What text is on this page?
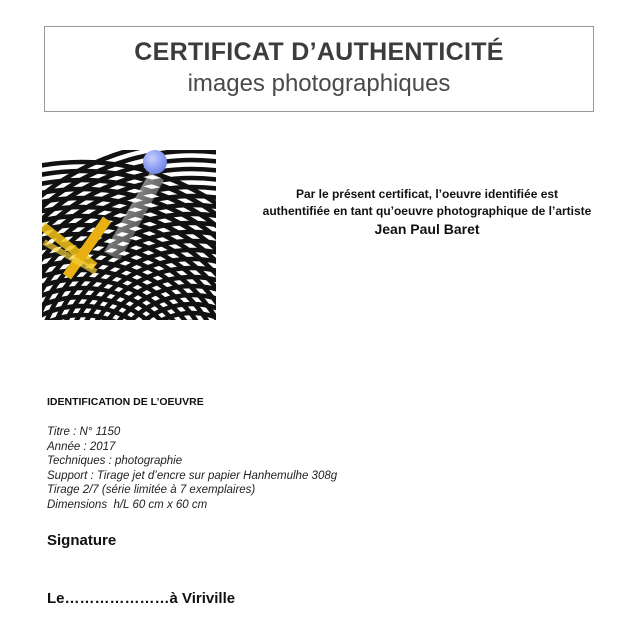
CERTIFICAT D’AUTHENTICITÉ
images photographiques
Par le présent certificat, l’oeuvre identifiée est
authentifiée en tant qu’oeuvre photographique de l’artiste
Jean Paul Baret
IDENTIFICATION DE L’OEUVRE
Titre : N° 1150
Année : 2017
Techniques : photographie
Support : Tirage jet d’encre sur papier Hanhemulhe 308g
Tirage 2/7 (série limitée à 7 exemplaires)
Dimensions  h/L 60 cm x 60 cm
Signature
Le…………………à Viriville
